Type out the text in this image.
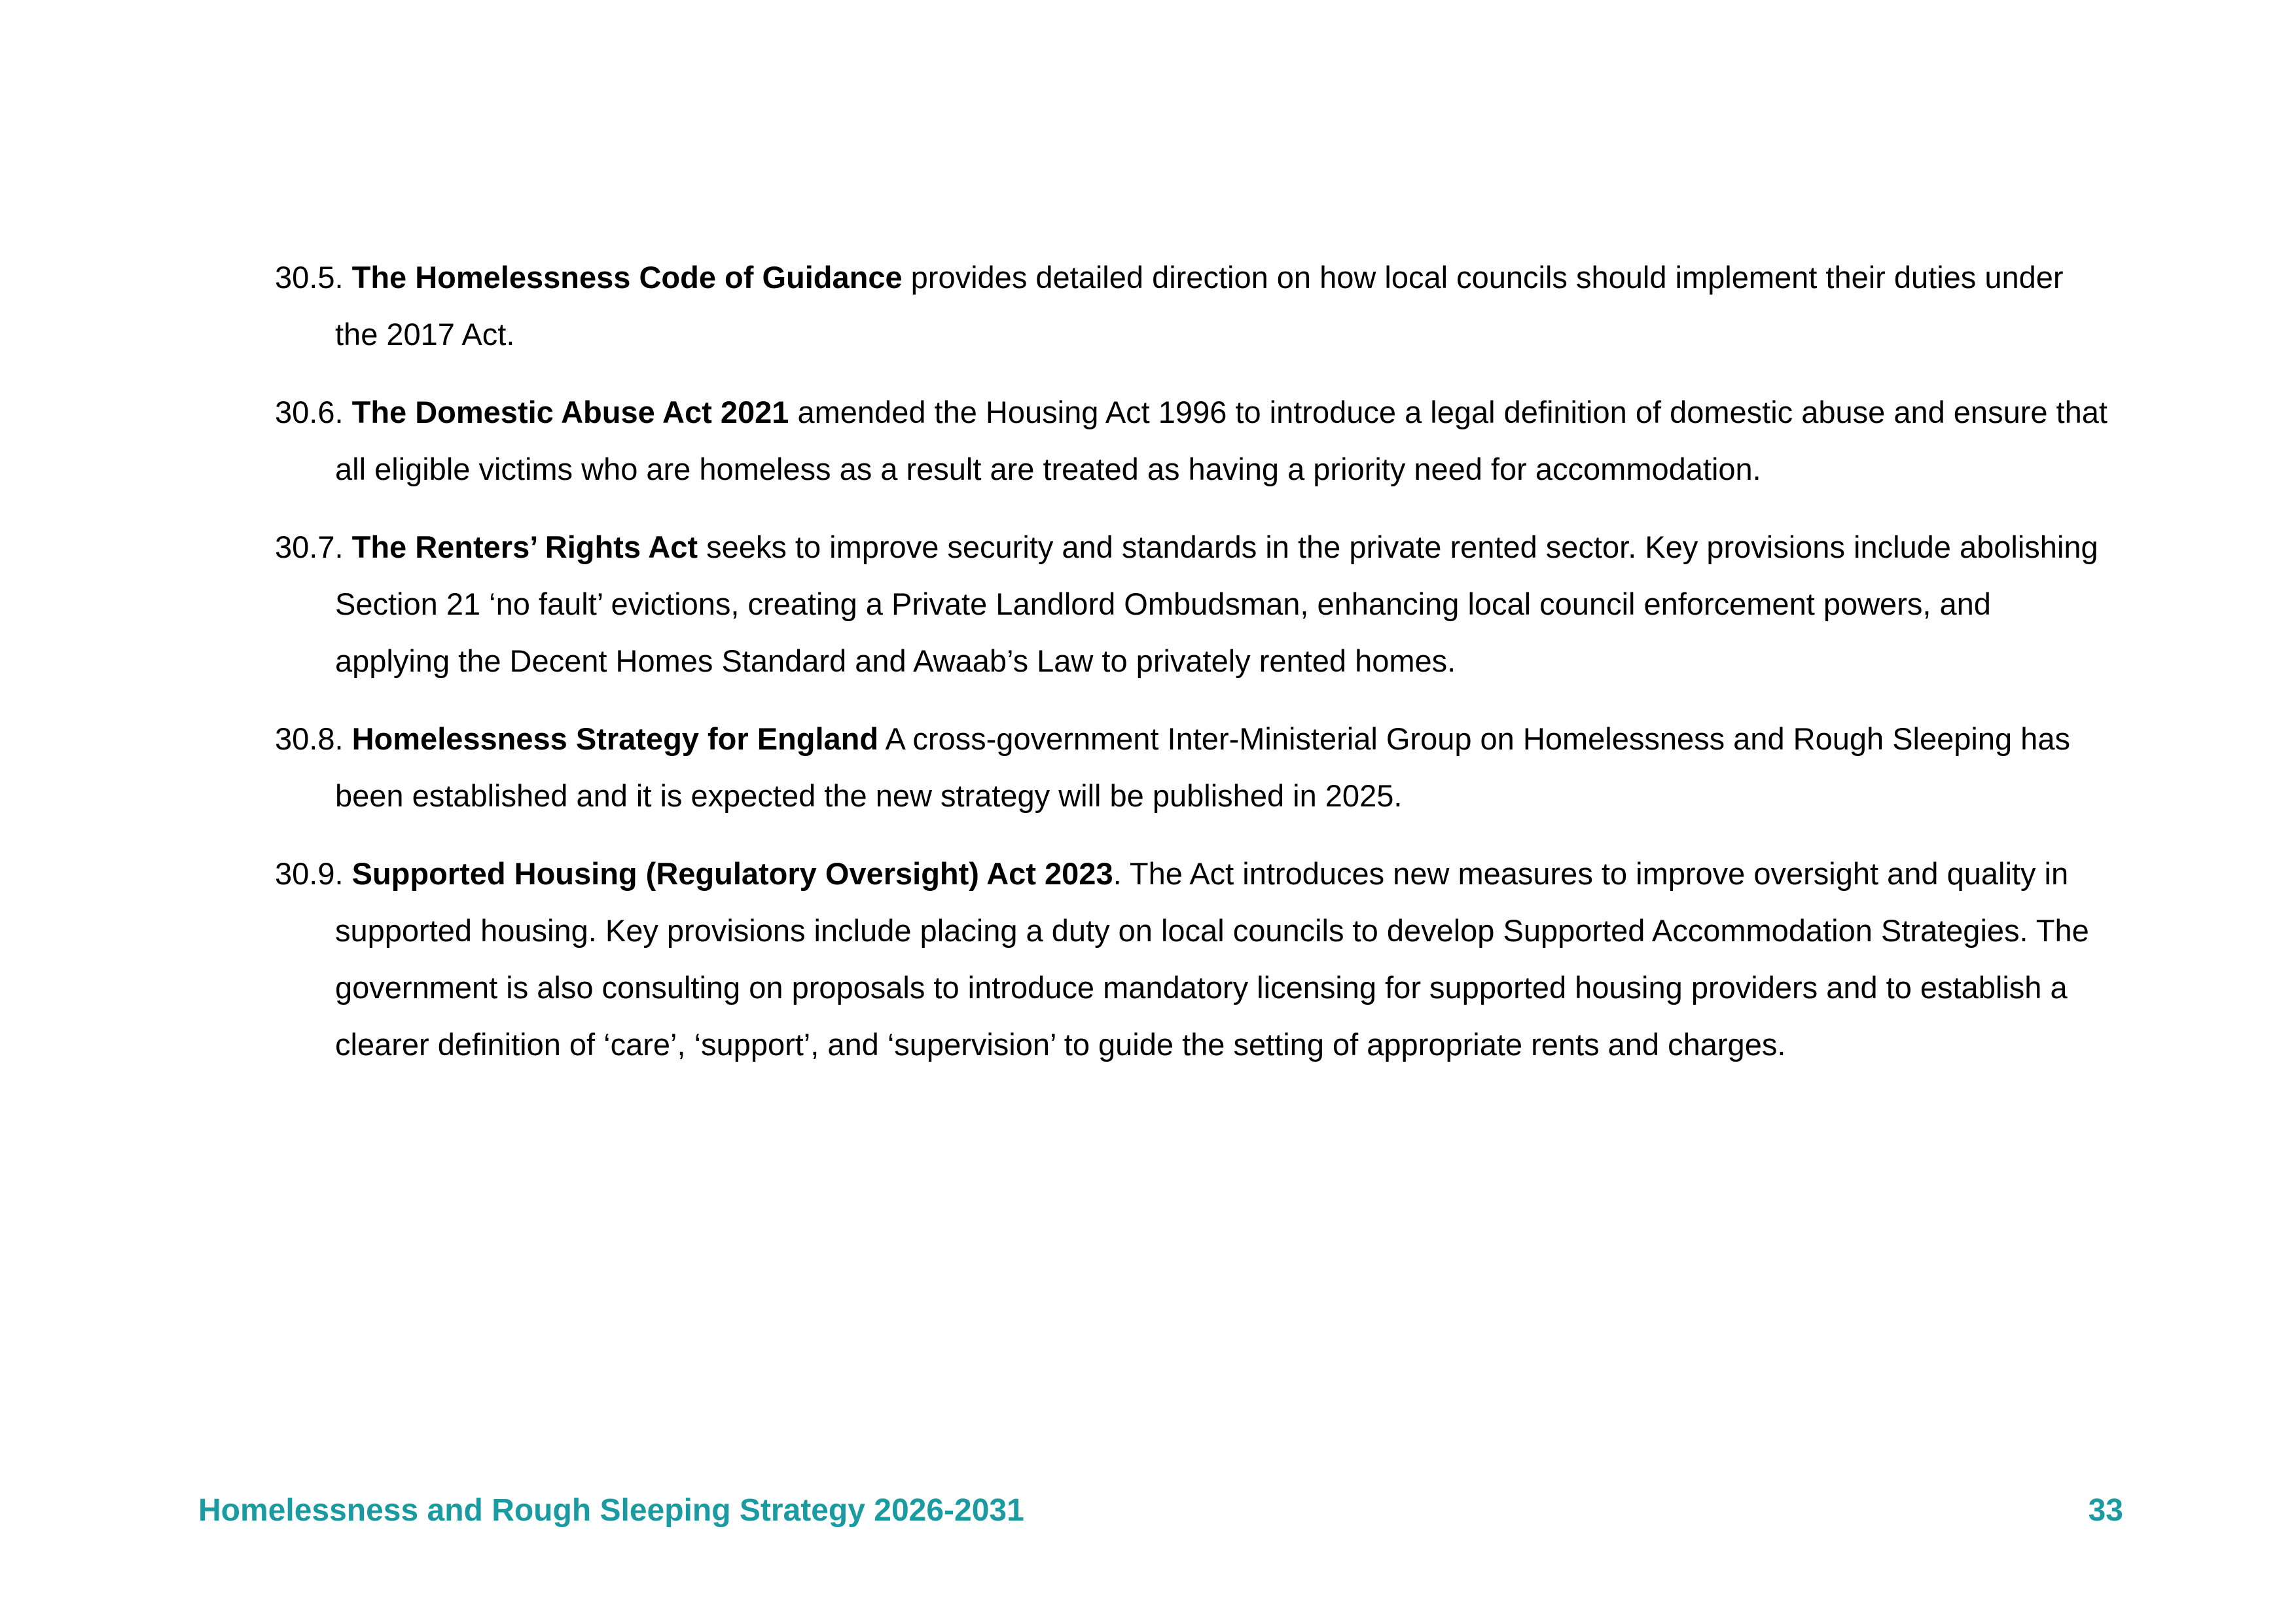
30.5. The Homelessness Code of Guidance provides detailed direction on how local councils should implement their duties under the 2017 Act.

30.6. The Domestic Abuse Act 2021 amended the Housing Act 1996 to introduce a legal definition of domestic abuse and ensure that all eligible victims who are homeless as a result are treated as having a priority need for accommodation.

30.7. The Renters’ Rights Act seeks to improve security and standards in the private rented sector. Key provisions include abolishing Section 21 ‘no fault’ evictions, creating a Private Landlord Ombudsman, enhancing local council enforcement powers, and applying the Decent Homes Standard and Awaab’s Law to privately rented homes.

30.8. Homelessness Strategy for England A cross-government Inter-Ministerial Group on Homelessness and Rough Sleeping has been established and it is expected the new strategy will be published in 2025.

30.9. Supported Housing (Regulatory Oversight) Act 2023. The Act introduces new measures to improve oversight and quality in supported housing. Key provisions include placing a duty on local councils to develop Supported Accommodation Strategies. The government is also consulting on proposals to introduce mandatory licensing for supported housing providers and to establish a clearer definition of ‘care’, ‘support’, and ‘supervision’ to guide the setting of appropriate rents and charges.

Homelessness and Rough Sleeping Strategy 2026-2031	33
